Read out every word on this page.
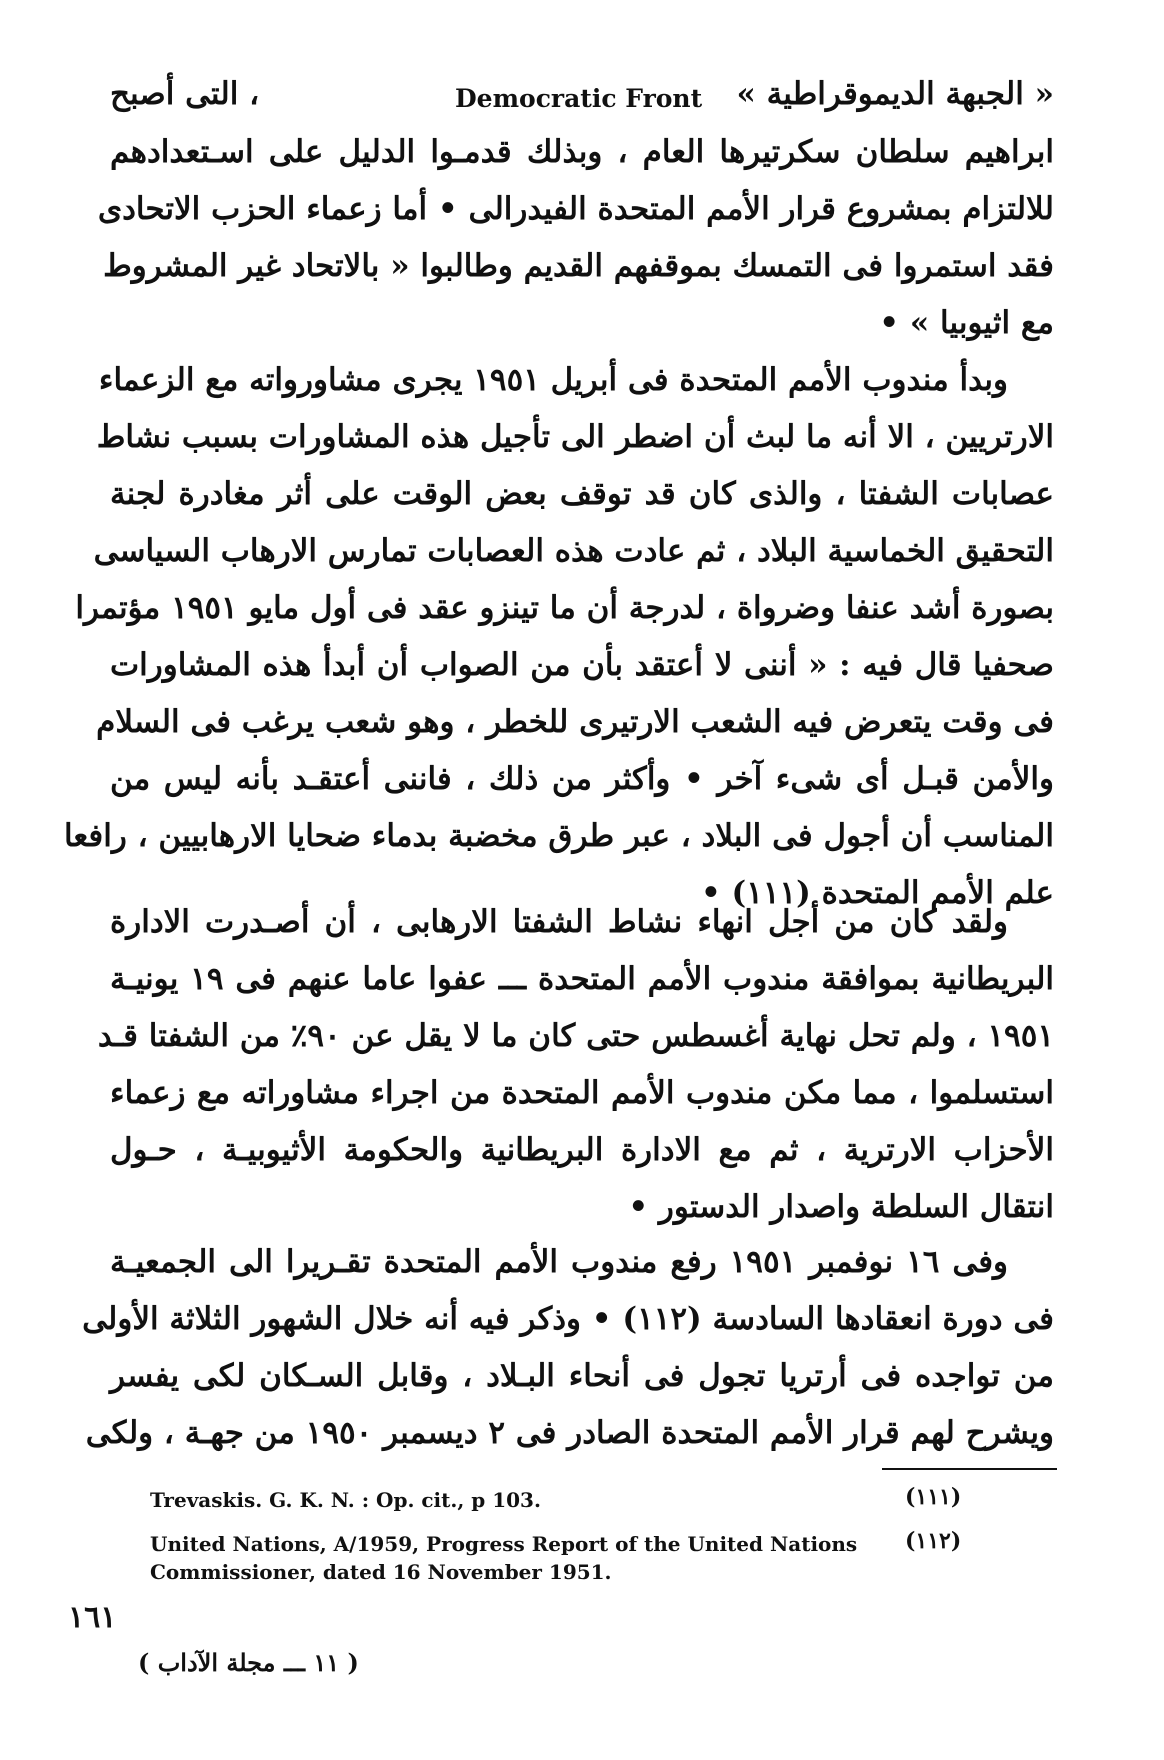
« الجبهة الديموقراطية »
Democratic Front
، التى أصبح
ابراهيم سلطان سكرتيرها العام ، وبذلك قدمـوا الدليل على اسـتعدادهم
للالتزام بمشروع قرار الأمم المتحدة الفيدرالى • أما زعماء الحزب الاتحادى
فقد استمروا فى التمسك بموقفهم القديم وطالبوا « بالاتحاد غير المشروط
مع اثيوبيا » •
وبدأ مندوب الأمم المتحدة فى أبريل ١٩٥١ يجرى مشاورواته مع الزعماء
الارتريين ، الا أنه ما لبث أن اضطر الى تأجيل هذه المشاورات بسبب نشاط
عصابات الشفتا ، والذى كان قد توقف بعض الوقت على أثر مغادرة لجنة
التحقيق الخماسية البلاد ، ثم عادت هذه العصابات تمارس الارهاب السياسى
بصورة أشد عنفا وضرواة ، لدرجة أن ما تينزو عقد فى أول مايو ١٩٥١ مؤتمرا
صحفيا قال فيه : « أننى لا أعتقد بأن من الصواب أن أبدأ هذه المشاورات
فى وقت يتعرض فيه الشعب الارتيرى للخطر ، وهو شعب يرغب فى السلام
والأمن قبـل أى شىء آخر • وأكثر من ذلك ، فاننى أعتقـد بأنه ليس من
المناسب أن أجول فى البلاد ، عبر طرق مخضبة بدماء ضحايا الارهابيين ، رافعا
علم الأمم المتحدة (١١١) •
ولقد كان من أجل انهاء نشاط الشفتا الارهابى ، أن أصـدرت الادارة
البريطانية بموافقة مندوب الأمم المتحدة ـــ عفوا عاما عنهم فى ١٩ يونيـة
١٩٥١ ، ولم تحل نهاية أغسطس حتى كان ما لا يقل عن ٩٠٪ من الشفتا قـد
استسلموا ، مما مكن مندوب الأمم المتحدة من اجراء مشاوراته مع زعماء
الأحزاب الارترية ، ثم مع الادارة البريطانية والحكومة الأثيوبيـة ، حـول
انتقال السلطة واصدار الدستور •
وفى ١٦ نوفمبر ١٩٥١ رفع مندوب الأمم المتحدة تقـريرا الى الجمعيـة
فى دورة انعقادها السادسة (١١٢) • وذكر فيه أنه خلال الشهور الثلاثة الأولى
من تواجده فى أرتريا تجول فى أنحاء البـلاد ، وقابل السـكان لكى يفسر
ويشرح لهم قرار الأمم المتحدة الصادر فى ٢ ديسمبر ١٩٥٠ من جهـة ، ولكى
(١١١)
Trevaskis. G. K. N. : Op. cit., p 103.
(١١٢)
United Nations, A/1959, Progress Report of the United Nations
Commissioner, dated 16 November 1951.
١٦١
( ١١ ـــ مجلة الآداب )
